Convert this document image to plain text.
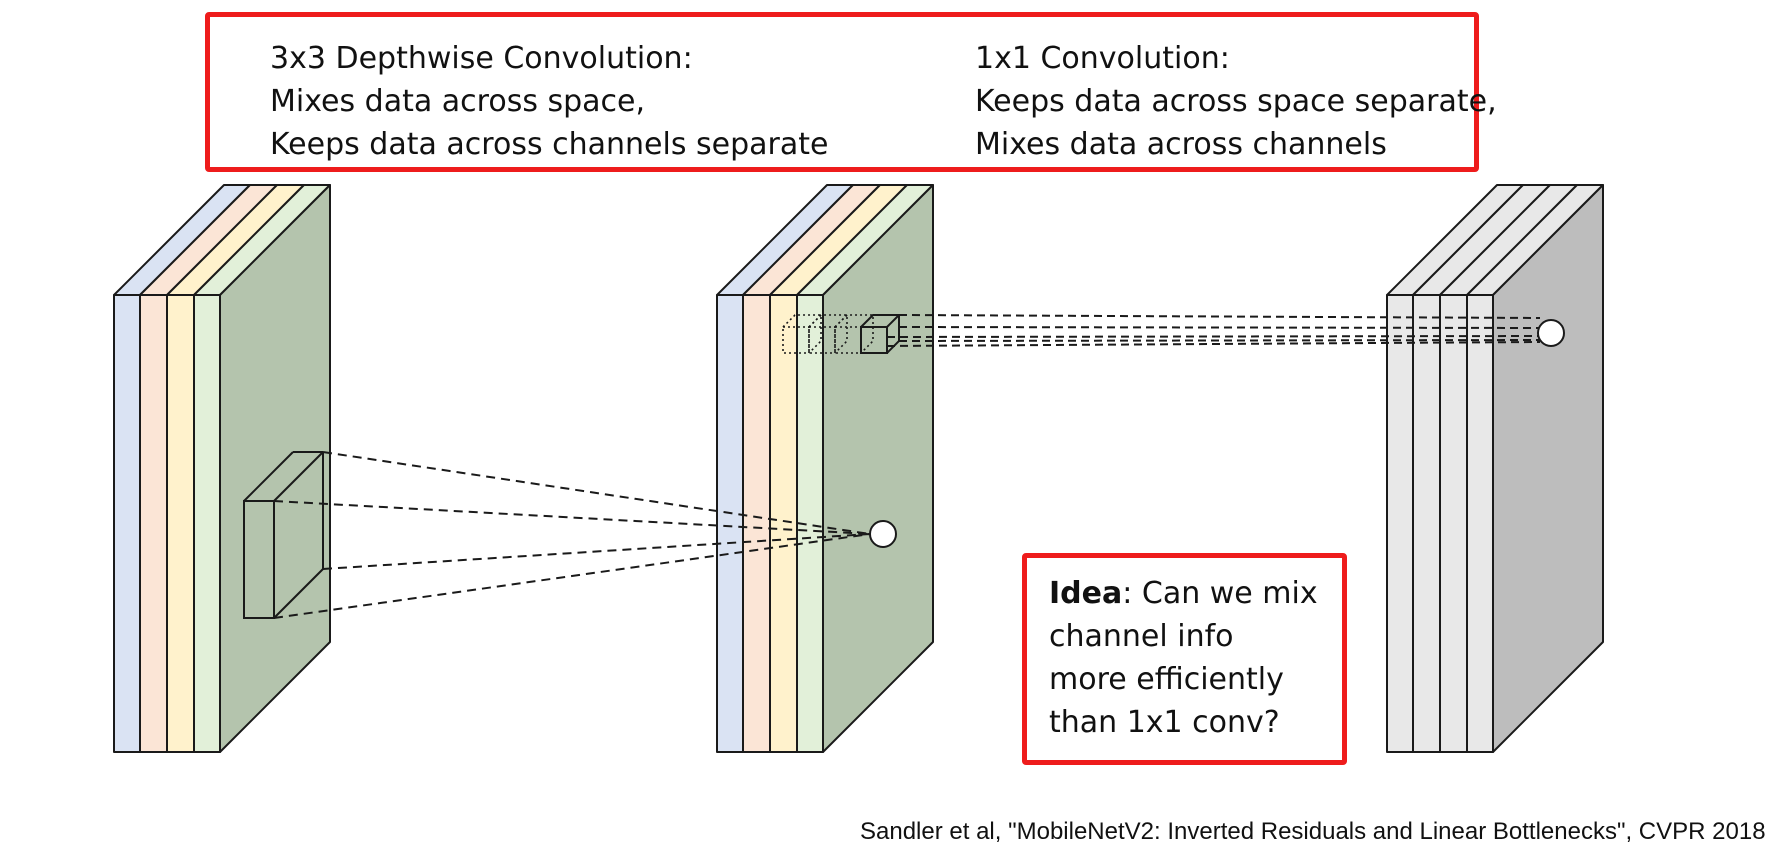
3x3 Depthwise Convolution:
Mixes data across space,
Keeps data across channels separate
1x1 Convolution:
Keeps data across space separate,
Mixes data across channels
Idea: Can we mix
channel info
more efficiently
than 1x1 conv?
Sandler et al, "MobileNetV2: Inverted Residuals and Linear Bottlenecks", CVPR 2018
